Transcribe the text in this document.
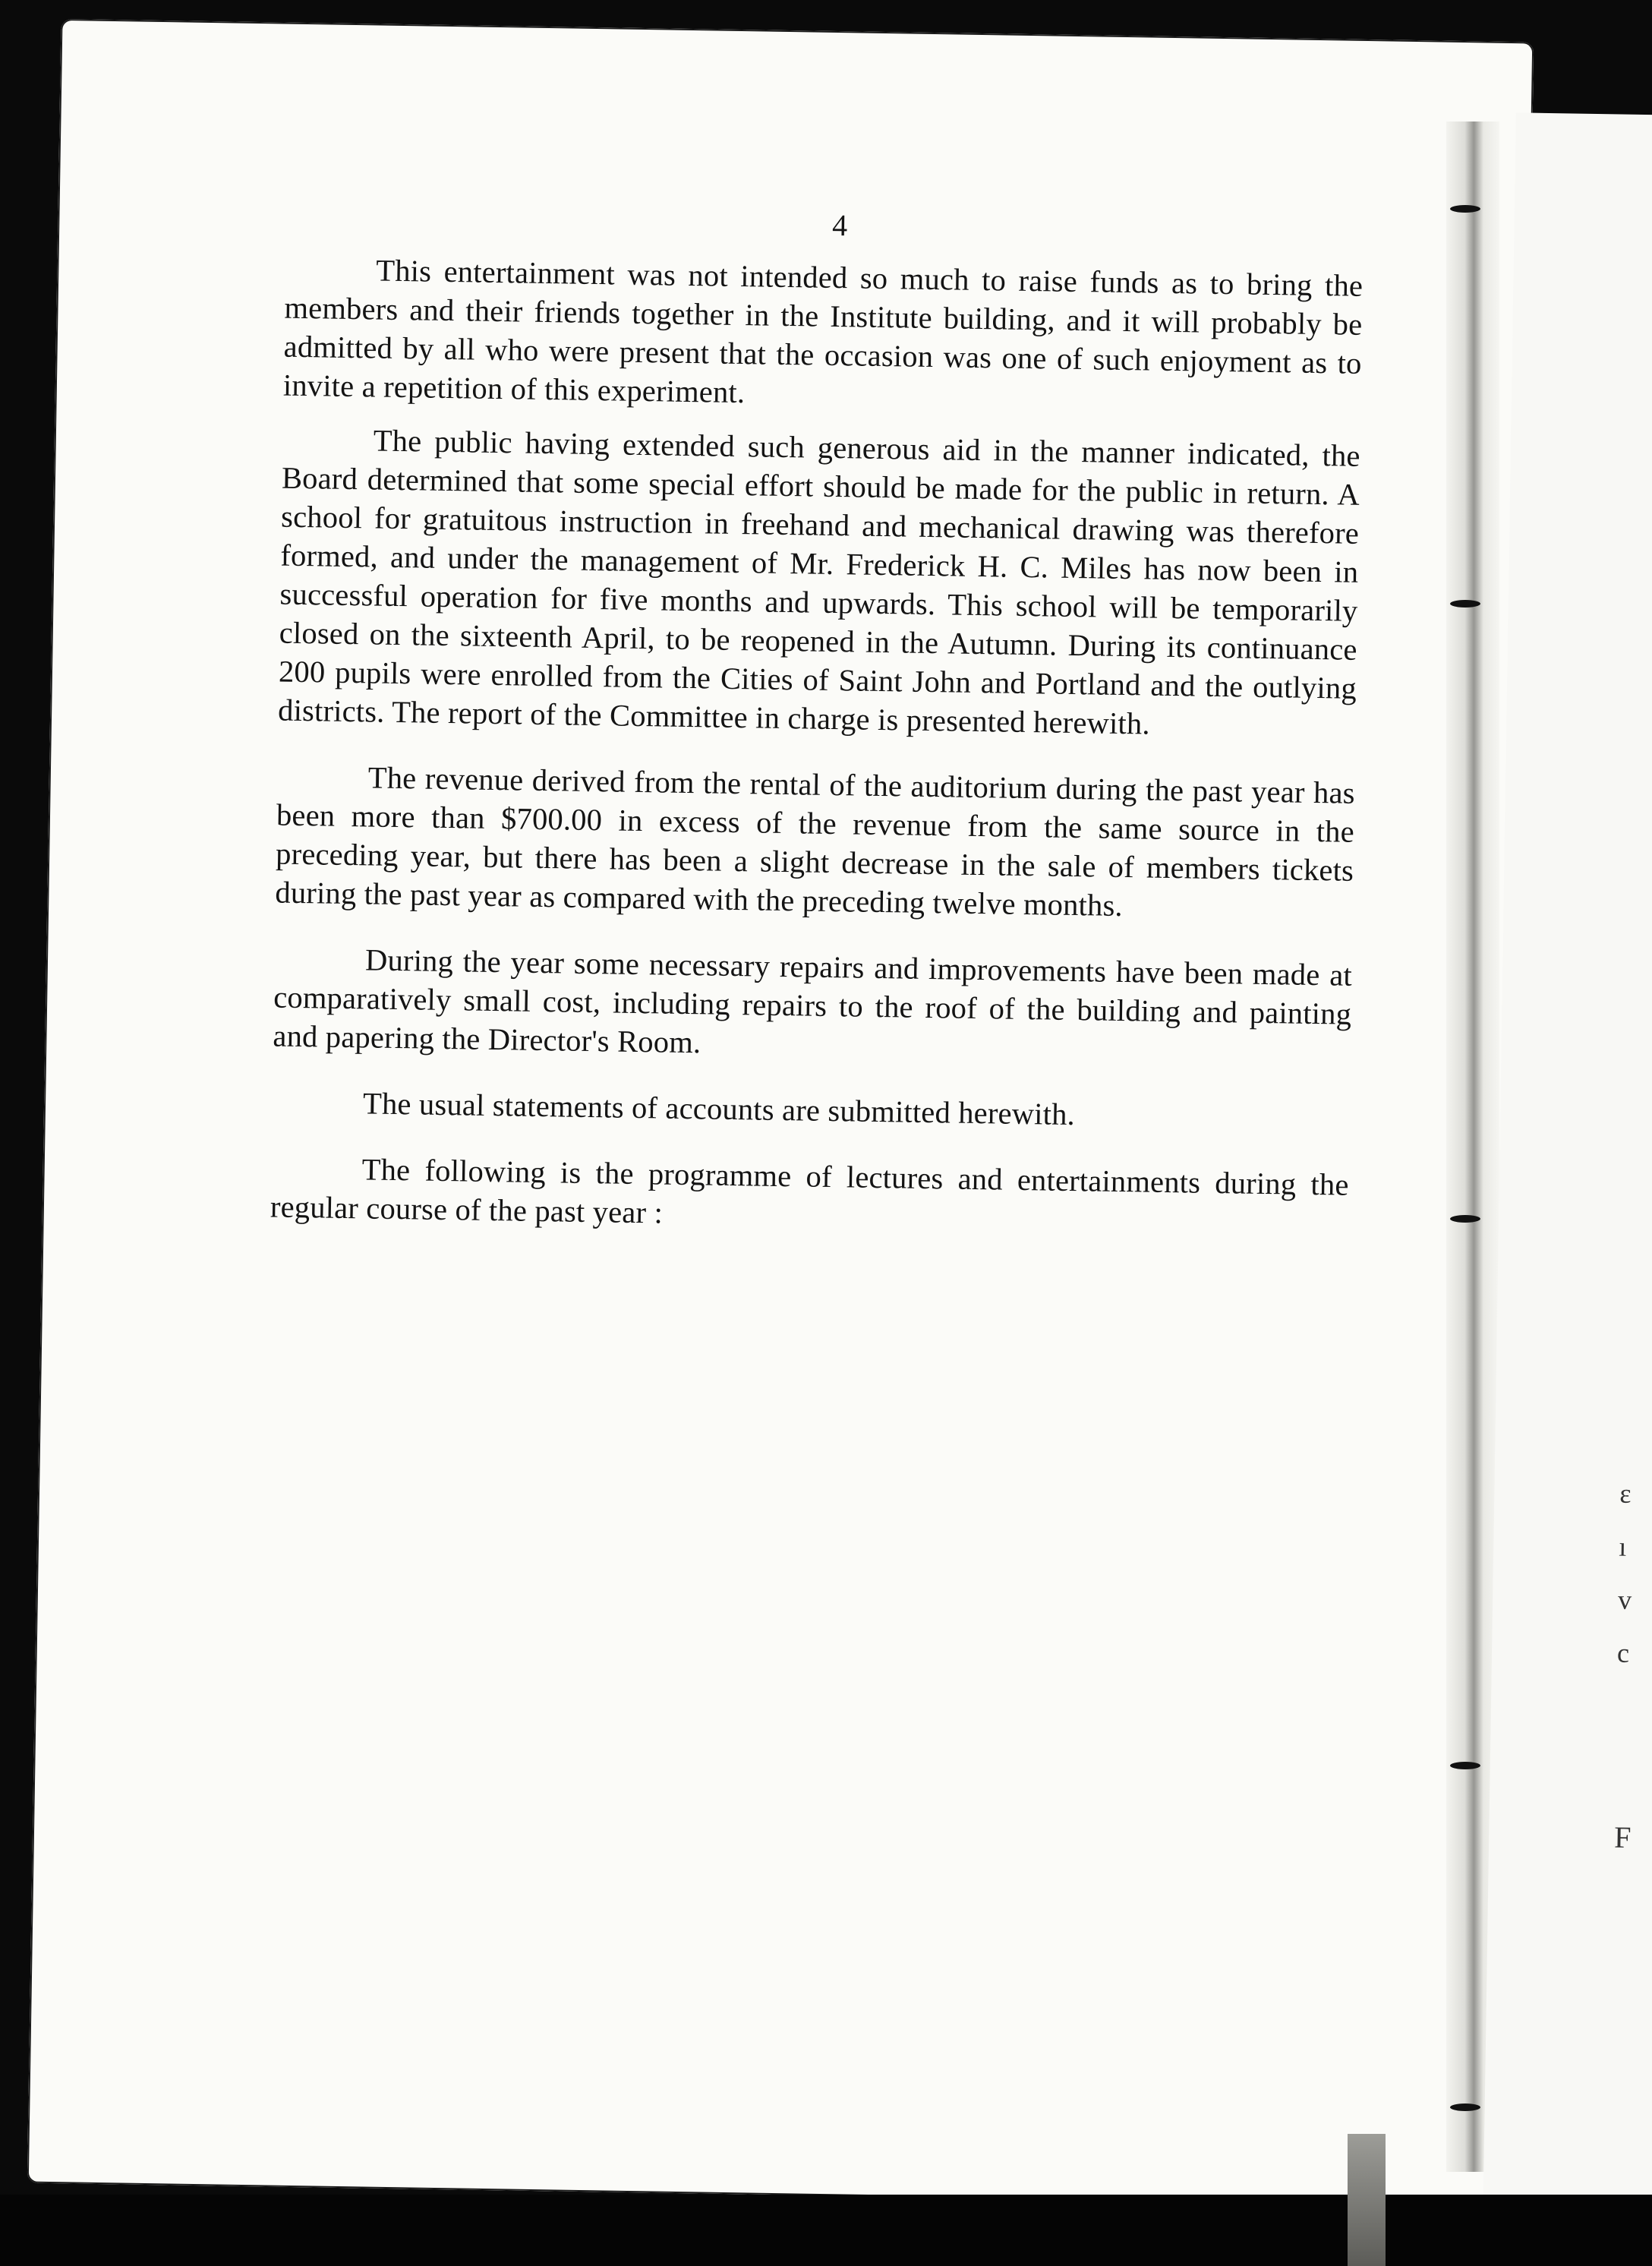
4

This entertainment was not intended so much to raise funds as to bring the members and their friends together in the Institute building, and it will probably be admitted by all who were present that the occasion was one of such enjoyment as to invite a repetition of this experiment.

The public having extended such generous aid in the manner indicated, the Board determined that some special effort should be made for the public in return. A school for gratuitous instruction in freehand and mechanical drawing was therefore formed, and under the management of Mr. Frederick H. C. Miles has now been in successful operation for five months and upwards. This school will be temporarily closed on the sixteenth April, to be reopened in the Autumn. During its continuance 200 pupils were enrolled from the Cities of Saint John and Portland and the outlying districts. The report of the Committee in charge is presented herewith.

The revenue derived from the rental of the auditorium during the past year has been more than $700.00 in excess of the revenue from the same source in the preceding year, but there has been a slight decrease in the sale of members tickets during the past year as compared with the preceding twelve months.

During the year some necessary repairs and improvements have been made at comparatively small cost, including repairs to the roof of the building and painting and papering the Director's Room.

The usual statements of accounts are submitted herewith.

The following is the programme of lectures and entertainments during the regular course of the past year :

ɛ
ı
v
c
F
